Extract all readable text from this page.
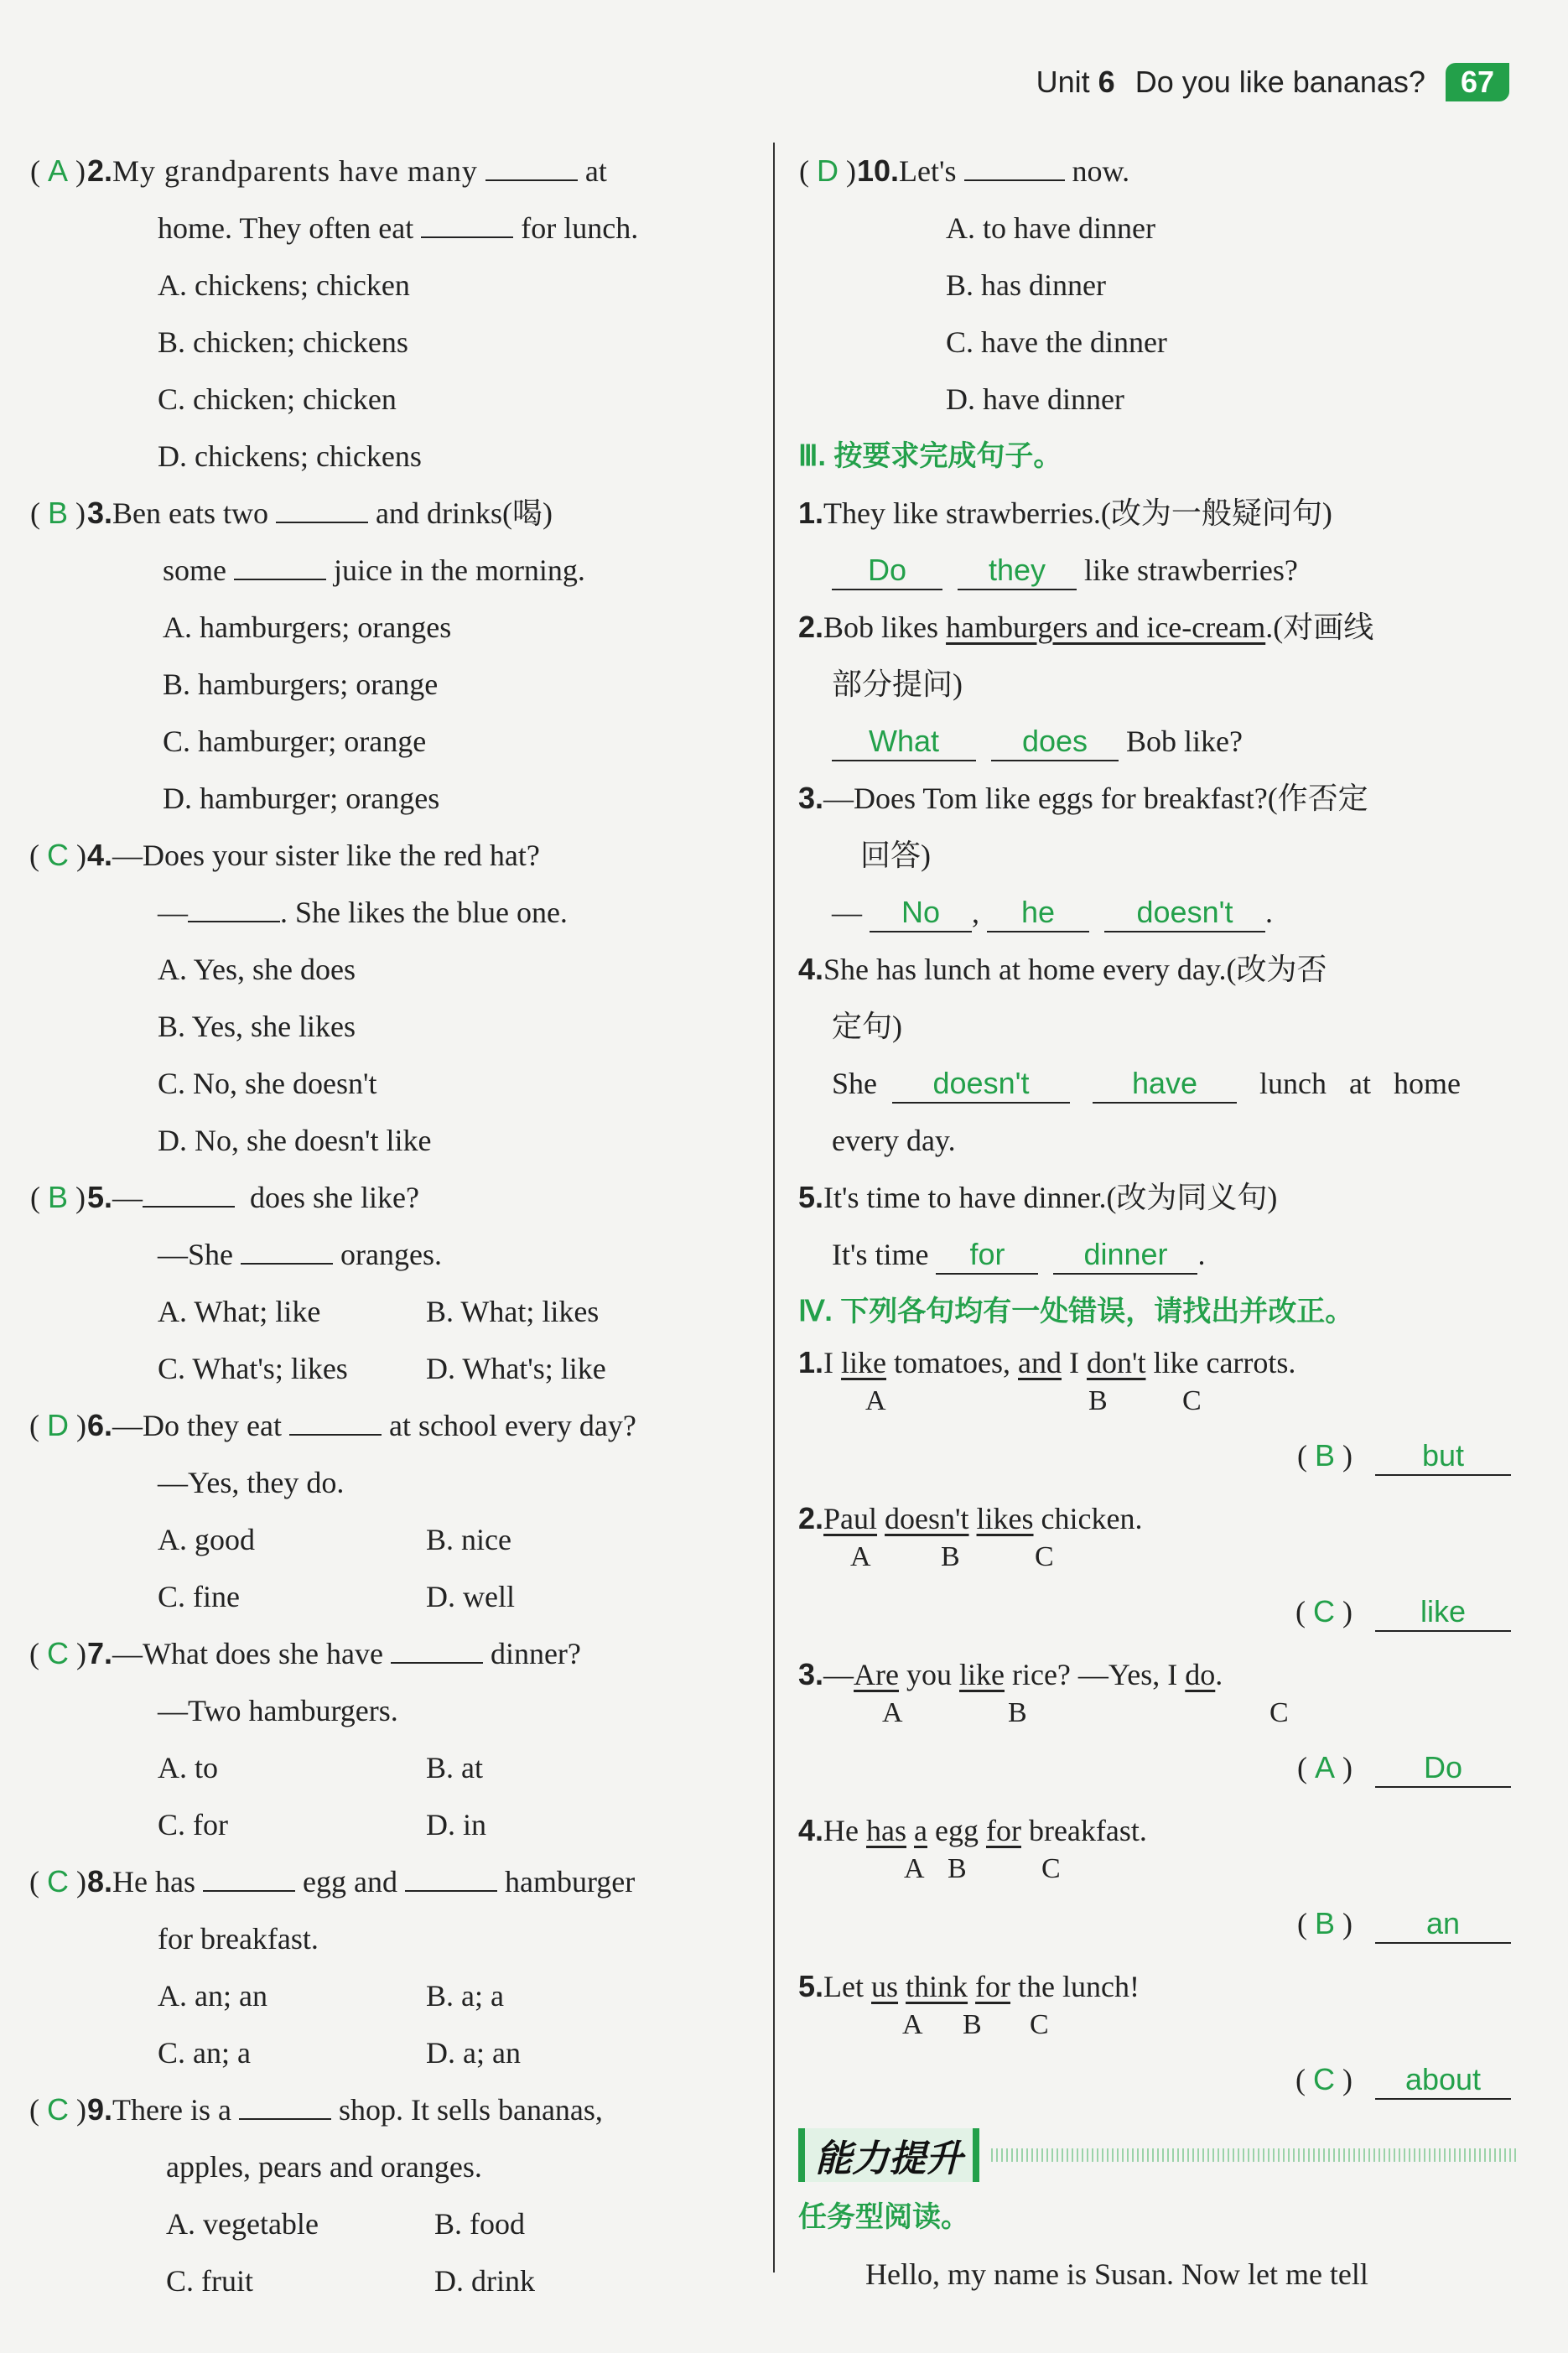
Unit 6 Do you like bananas?	67
( A ) 2. My grandparents have many

	at
home. They often eat

	for lunch.
A. chickens; chicken
B. chicken; chickens
C. chicken; chicken
D. chickens; chickens
( B ) 3. Ben eats two

	and drinks(喝)
some

	juice in the morning.
A. hamburgers; oranges
B. hamburgers; orange
C. hamburger; orange
D. hamburger; oranges
( C ) 4. —Does your sister like the red hat?
—	. She likes the blue one.
A. Yes, she does
B. Yes, she likes
C. No, she doesn't
D. No, she doesn't like
( B ) 5. —
	does she like?
—She

	oranges.
A. What; like	B. What; likes
C. What's; likes	D. What's; like
( D ) 6. —Do they eat

	at school every day?
—Yes, they do.
A. good	B. nice
C. fine	D. well
( C ) 7. —What does she have

	dinner?
—Two hamburgers.
A. to	B. at
C. for	D. in
( C ) 8. He has

	egg and

	hamburger
for breakfast.
A. an; an	B. a; a
C. an; a	D. a; an
( C ) 9. There is a

	shop. It sells bananas,
apples, pears and oranges.
A. vegetable	B. food
C. fruit	D. drink
( D ) 10. Let's

	now.
A. to have dinner
B. has dinner
C. have the dinner
D. have dinner
Ⅲ. 按要求完成句子。
1.They like strawberries.(改为一般疑问句)
Do	they like strawberries?
2.Bob likes hamburgers and ice-cream.(对画线
部分提问)
What	does Bob like?
3.—Does Tom like eggs for breakfast?(作否定
回答)
— No , he	doesn't .
4.She has lunch at home every day.(改为否
定句)
She
	doesn't
	have
	lunch at home
every day.
5.It's time to have dinner.(改为同义句)
It's time for	dinner .
Ⅳ. 下列各句均有一处错误，请找出并改正。
1.I like tomatoes, and I don't like carrots.
A	B	C
( B )   but
2.Paul doesn't likes chicken.
A B	C
( C )   like
3.—Are you like rice? —Yes, I do.
A	B	C
( A )   Do
4.He has a egg for breakfast.
A B	C
( B )   an
5.Let us think for the lunch!
A B C
( C )   about
能力提升
任务型阅读。
Hello, my name is Susan. Now let me tell
